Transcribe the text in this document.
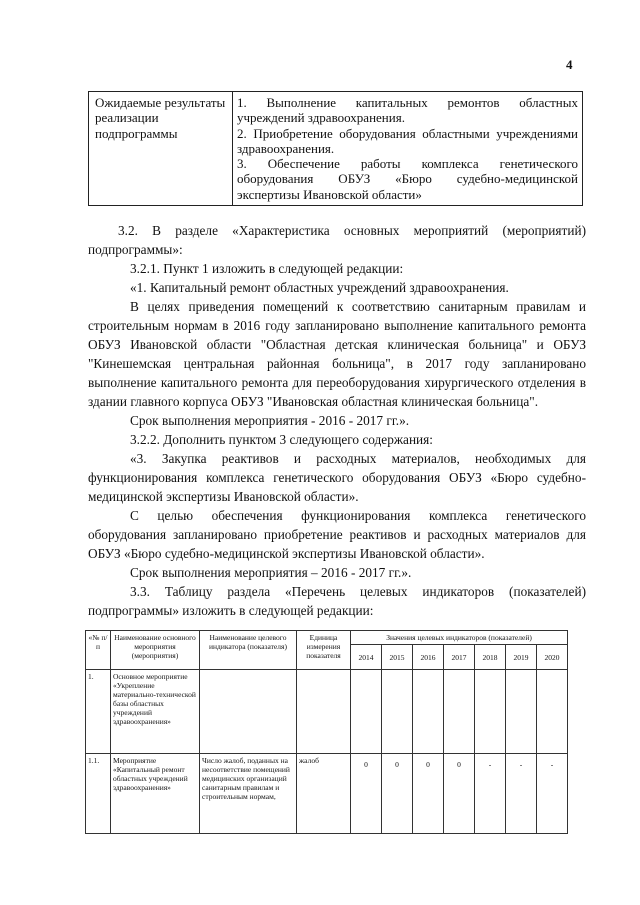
4
Ожидаемые результаты реализации подпрограммы	
1. Выполнение капитальных ремонтов областных учреждений здравоохранения.
2. Приобретение оборудования областными учреждениями здравоохранения.
3. Обеспечение работы комплекса генетического оборудования ОБУЗ «Бюро судебно-медицинской экспертизы Ивановской области»

3.2. В разделе «Характеристика основных мероприятий (мероприятий) подпрограммы»:

3.2.1. Пункт 1 изложить в следующей редакции:

«1. Капитальный ремонт областных учреждений здравоохранения.

В целях приведения помещений к соответствию санитарным правилам и строительным нормам в 2016 году запланировано выполнение капитального ремонта ОБУЗ Ивановской области "Областная детская клиническая больница" и ОБУЗ "Кинешемская центральная районная больница", в 2017 году запланировано выполнение капитального ремонта для переоборудования хирургического отделения в здании главного корпуса ОБУЗ "Ивановская областная клиническая больница".

Срок выполнения мероприятия - 2016 - 2017 гг.».

3.2.2. Дополнить пунктом 3 следующего содержания:

«3. Закупка реактивов и расходных материалов, необходимых для функционирования комплекса генетического оборудования ОБУЗ «Бюро судебно-медицинской экспертизы Ивановской области».

С целью обеспечения функционирования комплекса генетического оборудования запланировано приобретение реактивов и расходных материалов для ОБУЗ «Бюро судебно-медицинской экспертизы Ивановской области».

Срок выполнения мероприятия – 2016 - 2017 гг.».

3.3. Таблицу раздела «Перечень целевых индикаторов (показателей) подпрограммы» изложить в следующей редакции:

«№ п/п	Наименование основного мероприятия (мероприятия)	Наименование целевого индикатора (показателя)	Единица измерения показателя	Значения целевых индикаторов (показателей)						
				2014	2015	2016	2017	2018	2019	2020
1.	Основное мероприятие «Укрепление материально-технической базы областных учреждений здравоохранения»									
1.1.	Мероприятие «Капитальный ремонт областных учреждений здравоохранения»	Число жалоб, поданных на несоответствие помещений медицинских организаций санитарным правилам и строительным нормам,	жалоб	0	0	0	0	-	-	-
